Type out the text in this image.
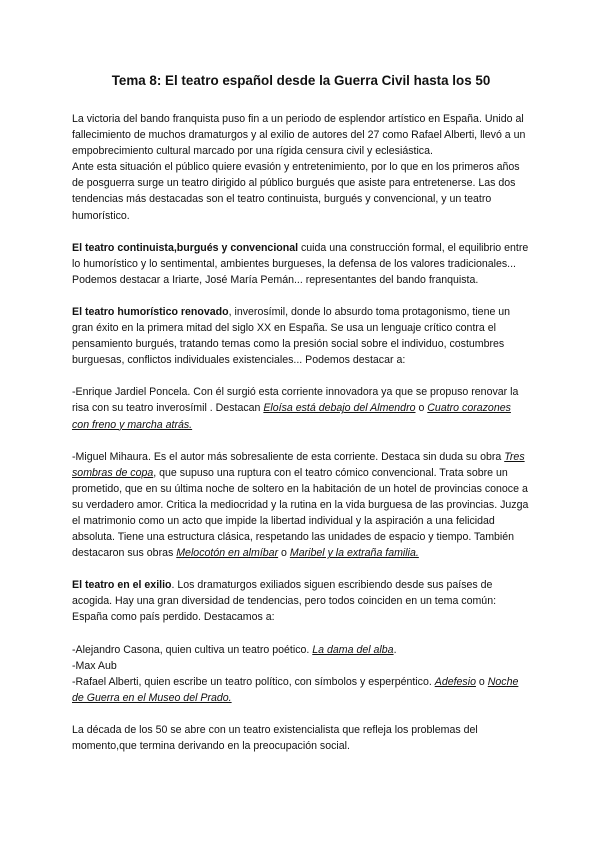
Tema 8: El teatro español desde la Guerra Civil hasta los 50

La victoria del bando franquista puso fin a un periodo de esplendor artístico en España. Unido al fallecimiento de muchos dramaturgos y al exilio de autores del 27 como Rafael Alberti, llevó a un empobrecimiento cultural marcado por una rígida censura civil y eclesiástica.

Ante esta situación el público quiere evasión y entretenimiento, por lo que en los primeros años de posguerra surge un teatro dirigido al público burgués que asiste para entretenerse. Las dos tendencias más destacadas son el teatro continuista, burgués y convencional, y un teatro humorístico.

El teatro continuista,burgués y convencional cuida una construcción formal, el equilibrio entre lo humorístico y lo sentimental, ambientes burgueses, la defensa de los valores tradicionales... Podemos destacar a Iriarte, José María Pemán... representantes del bando franquista.

El teatro humorístico renovado, inverosímil, donde lo absurdo toma protagonismo, tiene un gran éxito en la primera mitad del siglo XX en España. Se usa un lenguaje crítico contra el pensamiento burgués, tratando temas como la presión social sobre el individuo, costumbres burguesas, conflictos individuales existenciales... Podemos destacar a:

-Enrique Jardiel Poncela. Con él surgió esta corriente innovadora ya que se propuso renovar la risa con su teatro inverosímil . Destacan Eloísa está debajo del Almendro o Cuatro corazones con freno y marcha atrás.

-Miguel Mihaura. Es el autor más sobresaliente de esta corriente. Destaca sin duda su obra Tres sombras de copa, que supuso una ruptura con el teatro cómico convencional. Trata sobre un prometido, que en su última noche de soltero en la habitación de un hotel de provincias conoce a su verdadero amor. Critica la mediocridad y la rutina en la vida burguesa de las provincias. Juzga el matrimonio como un acto que impide la libertad individual y la aspiración a una felicidad absoluta. Tiene una estructura clásica, respetando las unidades de espacio y tiempo. También destacaron sus obras Melocotón en almíbar o Maribel y la extraña familia.

El teatro en el exilio. Los dramaturgos exiliados siguen escribiendo desde sus países de acogida. Hay una gran diversidad de tendencias, pero todos coinciden en un tema común: España como país perdido. Destacamos a:

-Alejandro Casona, quien cultiva un teatro poético. La dama del alba.

-Max Aub

-Rafael Alberti, quien escribe un teatro político, con símbolos y esperpéntico. Adefesio o Noche de Guerra en el Museo del Prado.

La década de los 50 se abre con un teatro existencialista que refleja los problemas del momento,que termina derivando en la preocupación social.
